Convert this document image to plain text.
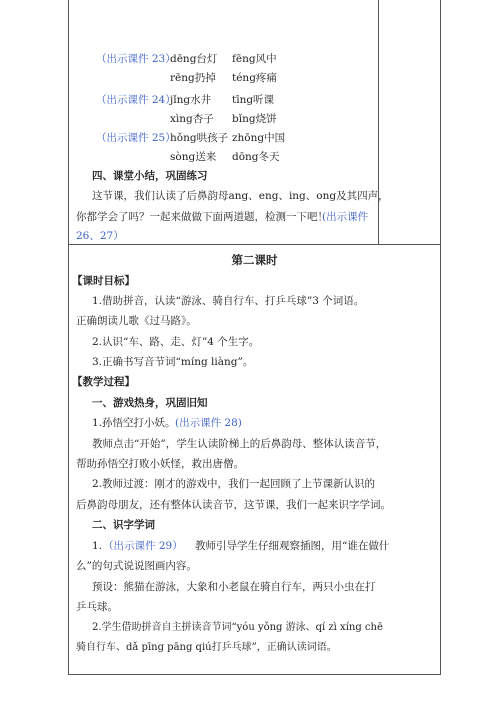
（出示课件 23）
dēng台灯 fēng风中
rēng扔掉 téng疼痛
（出示课件 24）
jǐng水井 tīng听课
xìng杏子 bǐng烧饼
（出示课件 25）
hǒng哄孩子 zhōng中国
sòng送来 dōng冬天
四、课堂小结，巩固练习
这节课，我们认读了后鼻韵母ang、eng、ing、ong及其四声，
你都学会了吗？一起来做做下面两道题，检测一下吧！
(出示课件
26、27）
第二课时
【课时目标】
1.借助拼音，认读“游泳、骑自行车、打乒乓球”3 个词语。
正确朗读儿歌《过马路》。
2.认识“车、路、走、灯”4 个生字。
3.正确书写音节词“míng liàng”。
【教学过程】
一、游戏热身，巩固旧知
1.孙悟空打小妖。 (出示课件 28)
教师点击“开始”，学生认读阶梯上的后鼻韵母、整体认读音节，
帮助孙悟空打败小妖怪，救出唐僧。
2.教师过渡：刚才的游戏中，我们一起回顾了上节课新认识的
后鼻韵母朋友，还有整体认读音节，这节课，我们一起来识字学词。
二、识字学词
1. （出示课件 29） 教师引导学生仔细观察插图，用“谁在做什
么”的句式说说图画内容。
预设：熊猫在游泳，大象和小老鼠在骑自行车，两只小虫在打
乒乓球。
2.学生借助拼音自主拼读音节词“yóu yǒng 游泳、qí zì xíng chē
骑自行车、dǎ pīng pāng qiú打乒乓球”，正确认读词语。
